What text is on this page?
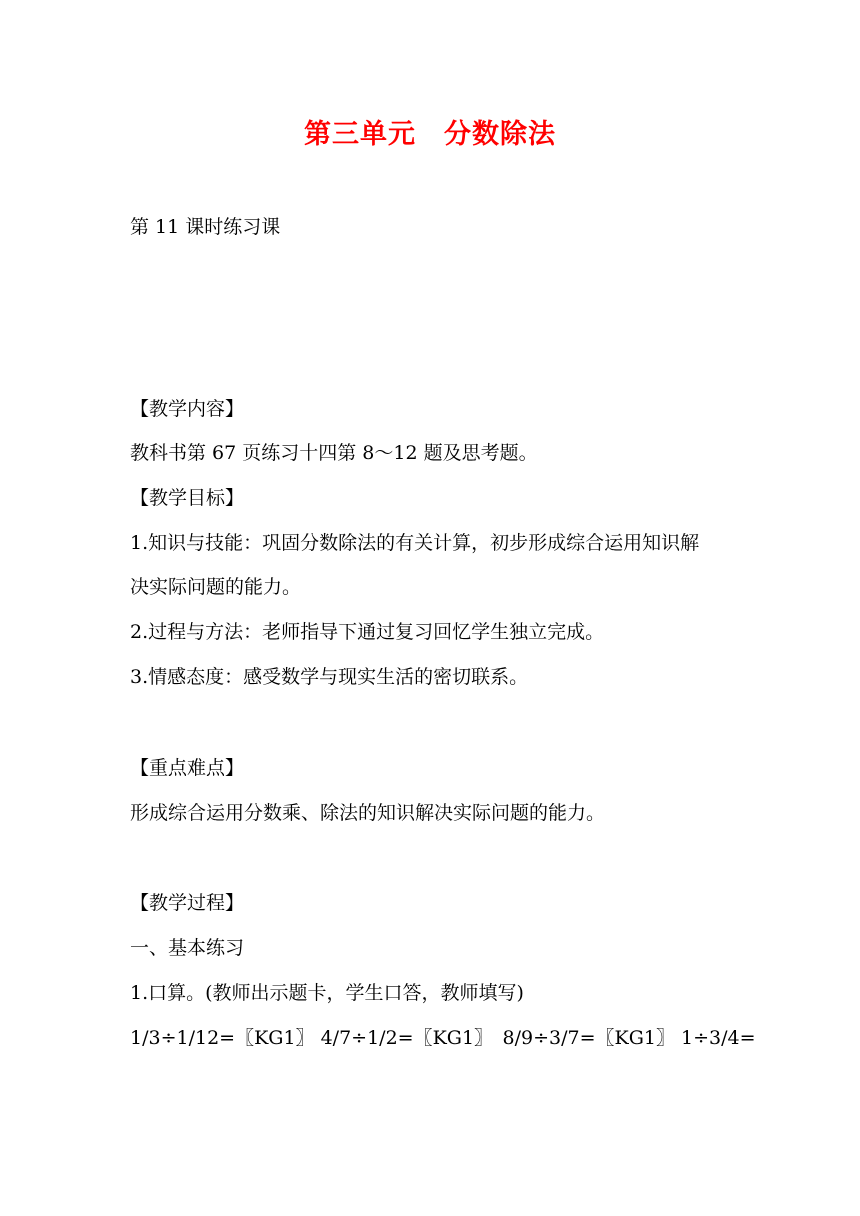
第三单元　分数除法
第 11 课时练习课
【教学内容】
教科书第 67 页练习十四第 8～12 题及思考题。
【教学目标】
1.知识与技能：巩固分数除法的有关计算，初步形成综合运用知识解
决实际问题的能力。
2.过程与方法：老师指导下通过复习回忆学生独立完成。
3.情感态度：感受数学与现实生活的密切联系。
【重点难点】
形成综合运用分数乘、除法的知识解决实际问题的能力。
【教学过程】
一、基本练习
1.口算。(教师出示题卡，学生口答，教师填写)
1/3÷1/12=〖KG1〗 4/7÷1/2=〖KG1〗　8/9÷3/7=〖KG1〗 1÷3/4=
